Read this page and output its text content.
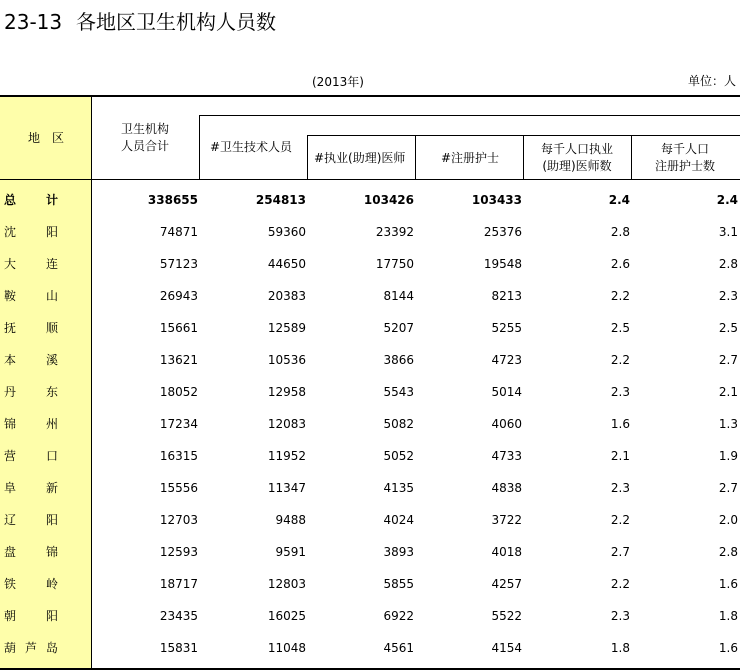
23-13 各地区卫生机构人员数
(2013年)	单位：人
地　区
卫生机构
人员合计	#卫生技术人员
#执业(助理)医师	#注册护士
每千人口执业
(助理)医师数
每千人口
注册护士数
总计	338655	254813	103426	103433	2.4	2.4
沈阳	74871	59360	23392	25376	2.8	3.1
大连	57123	44650	17750	19548	2.6	2.8
鞍山	26943	20383	8144	8213	2.2	2.3
抚顺	15661	12589	5207	5255	2.5	2.5
本溪	13621	10536	3866	4723	2.2	2.7
丹东	18052	12958	5543	5014	2.3	2.1
锦州	17234	12083	5082	4060	1.6	1.3
营口	16315	11952	5052	4733	2.1	1.9
阜新	15556	11347	4135	4838	2.3	2.7
辽阳	12703	9488	4024	3722	2.2	2.0
盘锦	12593	9591	3893	4018	2.7	2.8
铁岭	18717	12803	5855	4257	2.2	1.6
朝阳	23435	16025	6922	5522	2.3	1.8
葫芦岛	15831	11048	4561	4154	1.8	1.6
